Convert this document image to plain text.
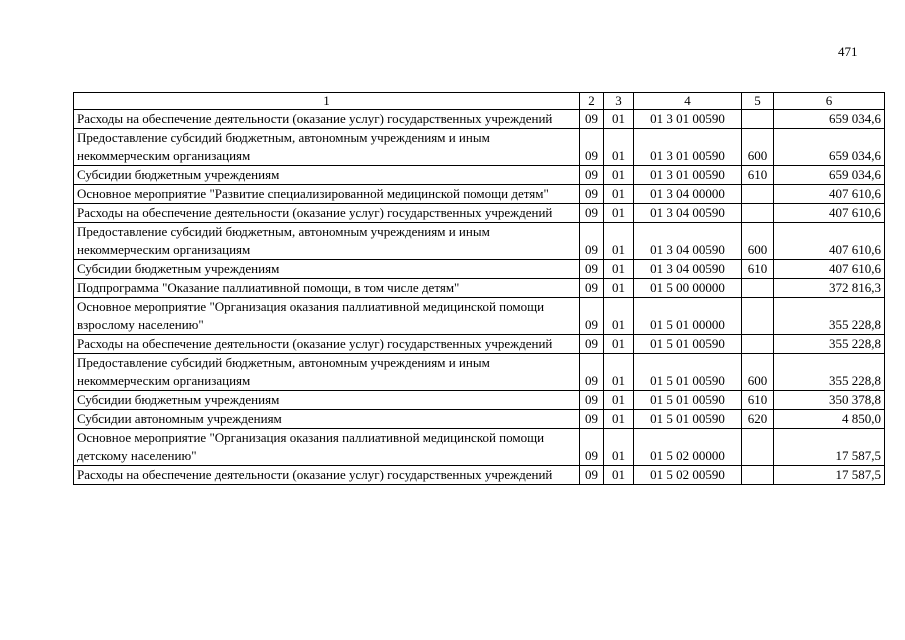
471
1	2	3	4	5	6
Расходы на обеспечение деятельности (оказание услуг) государственных учреждений	09	01	01 3 01 00590		659 034,6
Предоставление субсидий бюджетным, автономным учреждениям и иным некоммерческим организациям	09	01	01 3 01 00590	600	659 034,6
Субсидии бюджетным учреждениям	09	01	01 3 01 00590	610	659 034,6
Основное мероприятие "Развитие специализированной медицинской помощи детям"	09	01	01 3 04 00000		407 610,6
Расходы на обеспечение деятельности (оказание услуг) государственных учреждений	09	01	01 3 04 00590		407 610,6
Предоставление субсидий бюджетным, автономным учреждениям и иным некоммерческим организациям	09	01	01 3 04 00590	600	407 610,6
Субсидии бюджетным учреждениям	09	01	01 3 04 00590	610	407 610,6
Подпрограмма "Оказание паллиативной помощи, в том числе детям"	09	01	01 5 00 00000		372 816,3
Основное мероприятие "Организация оказания паллиативной медицинской помощи взрослому населению"	09	01	01 5 01 00000		355 228,8
Расходы на обеспечение деятельности (оказание услуг) государственных учреждений	09	01	01 5 01 00590		355 228,8
Предоставление субсидий бюджетным, автономным учреждениям и иным некоммерческим организациям	09	01	01 5 01 00590	600	355 228,8
Субсидии бюджетным учреждениям	09	01	01 5 01 00590	610	350 378,8
Субсидии автономным учреждениям	09	01	01 5 01 00590	620	4 850,0
Основное мероприятие "Организация оказания паллиативной медицинской помощи детскому населению"	09	01	01 5 02 00000		17 587,5
Расходы на обеспечение деятельности (оказание услуг) государственных учреждений	09	01	01 5 02 00590		17 587,5
